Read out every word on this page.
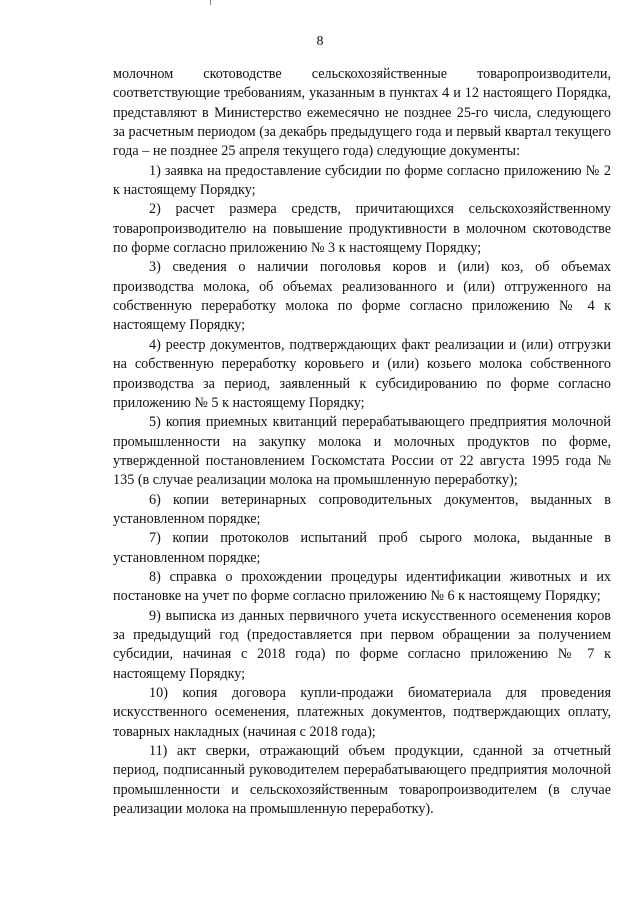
8

молочном скотоводстве сельскохозяйственные товаропроизводители, соответствующие требованиям, указанным в пунктах 4 и 12 настоящего Порядка, представляют в Министерство ежемесячно не позднее 25-го числа, следующего за расчетным периодом (за декабрь предыдущего года и первый квартал текущего года – не позднее 25 апреля текущего года) следующие документы:

1) заявка на предоставление субсидии по форме согласно приложению № 2 к настоящему Порядку;

2) расчет размера средств, причитающихся сельскохозяйственному товаропроизводителю на повышение продуктивности в молочном скотоводстве по форме согласно приложению № 3 к настоящему Порядку;

3) сведения о наличии поголовья коров и (или) коз, об объемах производства молока, об объемах реализованного и (или) отгруженного на собственную переработку молока по форме согласно приложению № 4 к настоящему Порядку;

4) реестр документов, подтверждающих факт реализации и (или) отгрузки на собственную переработку коровьего и (или) козьего молока собственного производства за период, заявленный к субсидированию по форме согласно приложению № 5 к настоящему Порядку;

5) копия приемных квитанций перерабатывающего предприятия молочной промышленности на закупку молока и молочных продуктов по форме, утвержденной постановлением Госкомстата России от 22 августа 1995 года № 135 (в случае реализации молока на промышленную переработку);

6) копии ветеринарных сопроводительных документов, выданных в установленном порядке;

7) копии протоколов испытаний проб сырого молока, выданные в установленном порядке;

8) справка о прохождении процедуры идентификации животных и их постановке на учет по форме согласно приложению № 6 к настоящему Порядку;

9) выписка из данных первичного учета искусственного осеменения коров за предыдущий год (предоставляется при первом обращении за получением субсидии, начиная с 2018 года) по форме согласно приложению № 7 к настоящему Порядку;

10) копия договора купли-продажи биоматериала для проведения искусственного осеменения, платежных документов, подтверждающих оплату, товарных накладных (начиная с 2018 года);

11) акт сверки, отражающий объем продукции, сданной за отчетный период, подписанный руководителем перерабатывающего предприятия молочной промышленности и сельскохозяйственным товаропроизводителем (в случае реализации молока на промышленную переработку).
